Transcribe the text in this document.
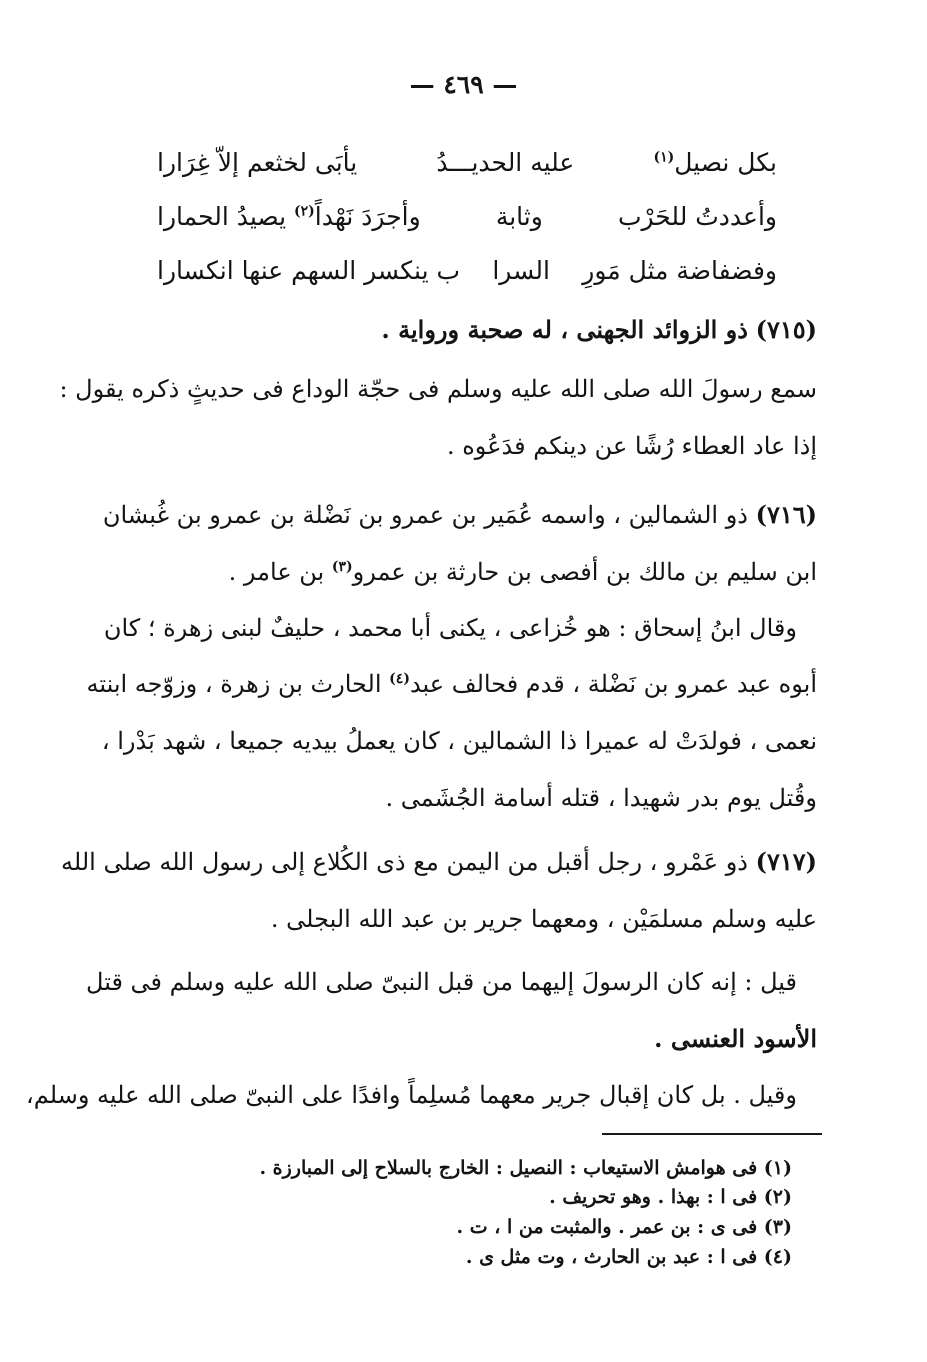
— ٤٦٩ —
بكل نصيل$^{(١)}$
عليه الحديـــدُ
يأبَى لخثعم إلاّ غِرَارا
وأعددتُ للحَرْب
وثابة
وأجرَدَ نَهْداً$^{(٢)}$ يصيدُ الحمارا
وفضفاضة مثل مَورِ
السرا
ب ينكسر السهم عنها انكسارا
(٧١٥) ذو الزوائد الجهنى ، له صحبة ورواية .
سمع رسولَ الله صلى الله عليه وسلم فى حجّة الوداع فى حديثٍ ذكره يقول :
إذا عاد العطاء رُشًا عن دينكم فدَعُوه .
(٧١٦) ذو الشمالين ، واسمه عُمَير بن عمرو بن نَضْلة بن عمرو بن غُبشان
ابن سليم بن مالك بن أفصى بن حارثة بن عمرو$^{(٣)}$ بن عامر .
وقال ابنُ إسحاق : هو خُزاعى ، يكنى أبا محمد ، حليفٌ لبنى زهرة ؛ كان
أبوه عبد عمرو بن نَضْلة ، قدم فحالف عبد$^{(٤)}$ الحارث بن زهرة ، وزوّجه ابنته
نعمى ، فولدَتْ له عميرا ذا الشمالين ، كان يعملُ بيديه جميعا ، شهد بَدْرا ،
وقُتل يوم بدر شهيدا ، قتله أسامة الجُشَمى .
(٧١٧) ذو عَمْرو ، رجل أقبل من اليمن مع ذى الكُلاع إلى رسول الله صلى الله
عليه وسلم مسلمَيْن ، ومعهما جرير بن عبد الله البجلى .
قيل : إنه كان الرسولَ إليهما من قبل النبىّ صلى الله عليه وسلم فى قتل
الأسود العنسى .
وقيل . بل كان إقبال جرير معهما مُسلِماً وافدًا على النبىّ صلى الله عليه وسلم،
(١) فى هوامش الاستيعاب : النصيل : الخارج بالسلاح إلى المبارزة .
(٢) فى ا : بهذا . وهو تحريف .
(٣) فى ى : بن عمر . والمثبت من ا ، ت .
(٤) فى ا : عبد بن الحارث ، وت مثل ى .
